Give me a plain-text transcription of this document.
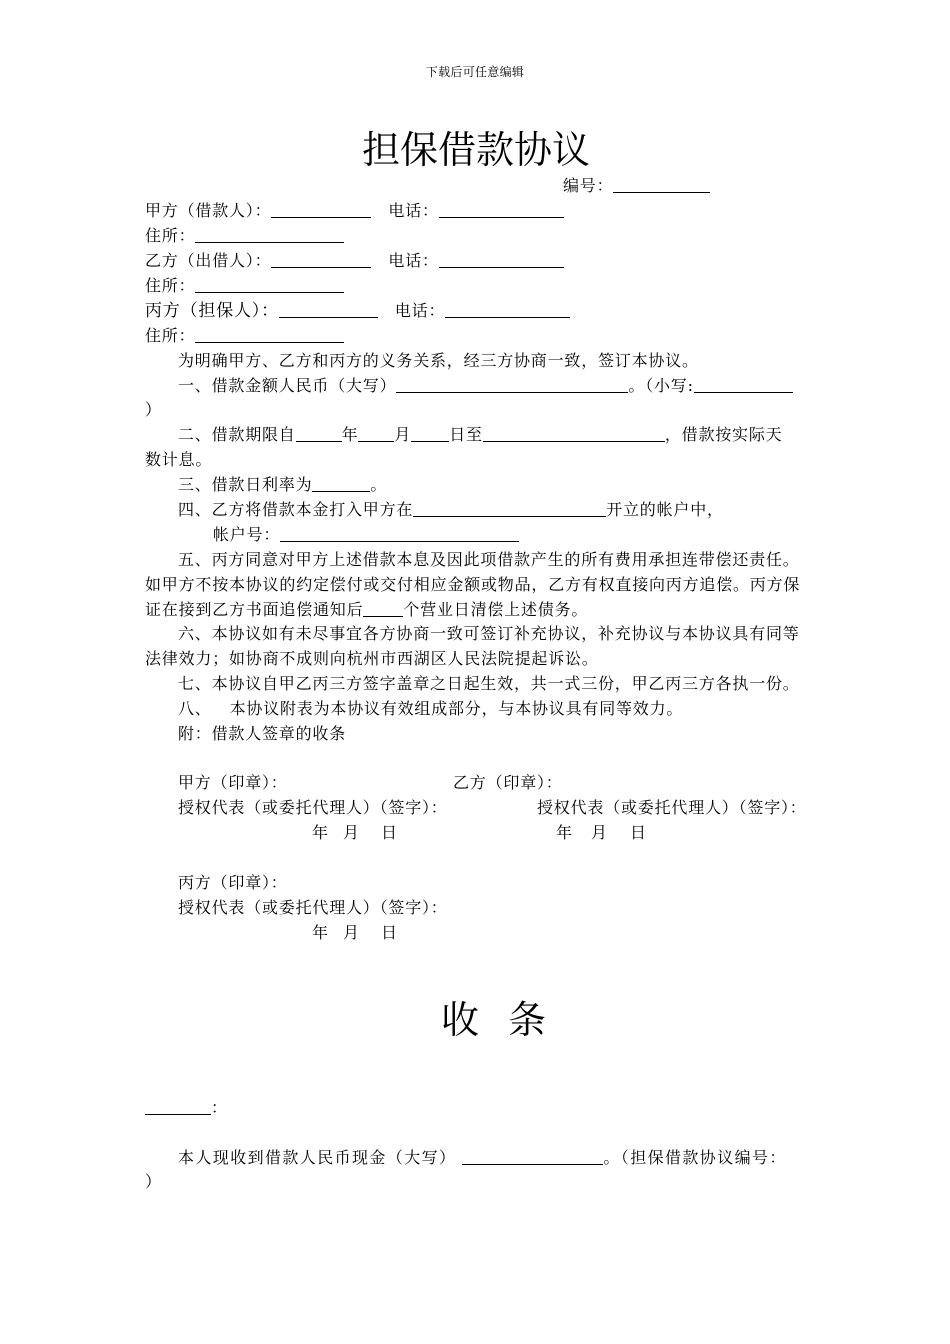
下载后可任意编辑
担保借款协议
编号：
甲方（借款人）：	电话：
住所：
乙方（出借人）：	电话：
住所：
丙方（担保人）：	电话：
住所：
为明确甲方、乙方和丙方的义务关系，经三方协商一致，签订本协议。
一、借款金额人民币（大写）	。（小写:
）
二、借款期限自	年 月 日至	，借款按实际天
数计息。
三、借款日利率为	。
四、乙方将借款本金打入甲方在	开立的帐户中，
帐户号：
五、丙方同意对甲方上述借款本息及因此项借款产生的所有费用承担连带偿还责任。
如甲方不按本协议的约定偿付或交付相应金额或物品，乙方有权直接向丙方追偿。丙方保
证在接到乙方书面追偿通知后	个营业日清偿上述债务。
六、本协议如有未尽事宜各方协商一致可签订补充协议，补充协议与本协议具有同等
法律效力；如协商不成则向杭州市西湖区人民法院提起诉讼。
七、本协议自甲乙丙三方签字盖章之日起生效，共一式三份，甲乙丙三方各执一份。
八、 本协议附表为本协议有效组成部分，与本协议具有同等效力。
附：借款人签章的收条
甲方（印章）：	乙方（印章）：
授权代表（或委托代理人）（签字）：	授权代表（或委托代理人）（签字）：
年 月 日	年 月 日
丙方（印章）：
授权代表（或委托代理人）（签字）：
年 月 日
收 条
：
本人现收到借款人民币现金（大写）	。（担保借款协议编号：
）
